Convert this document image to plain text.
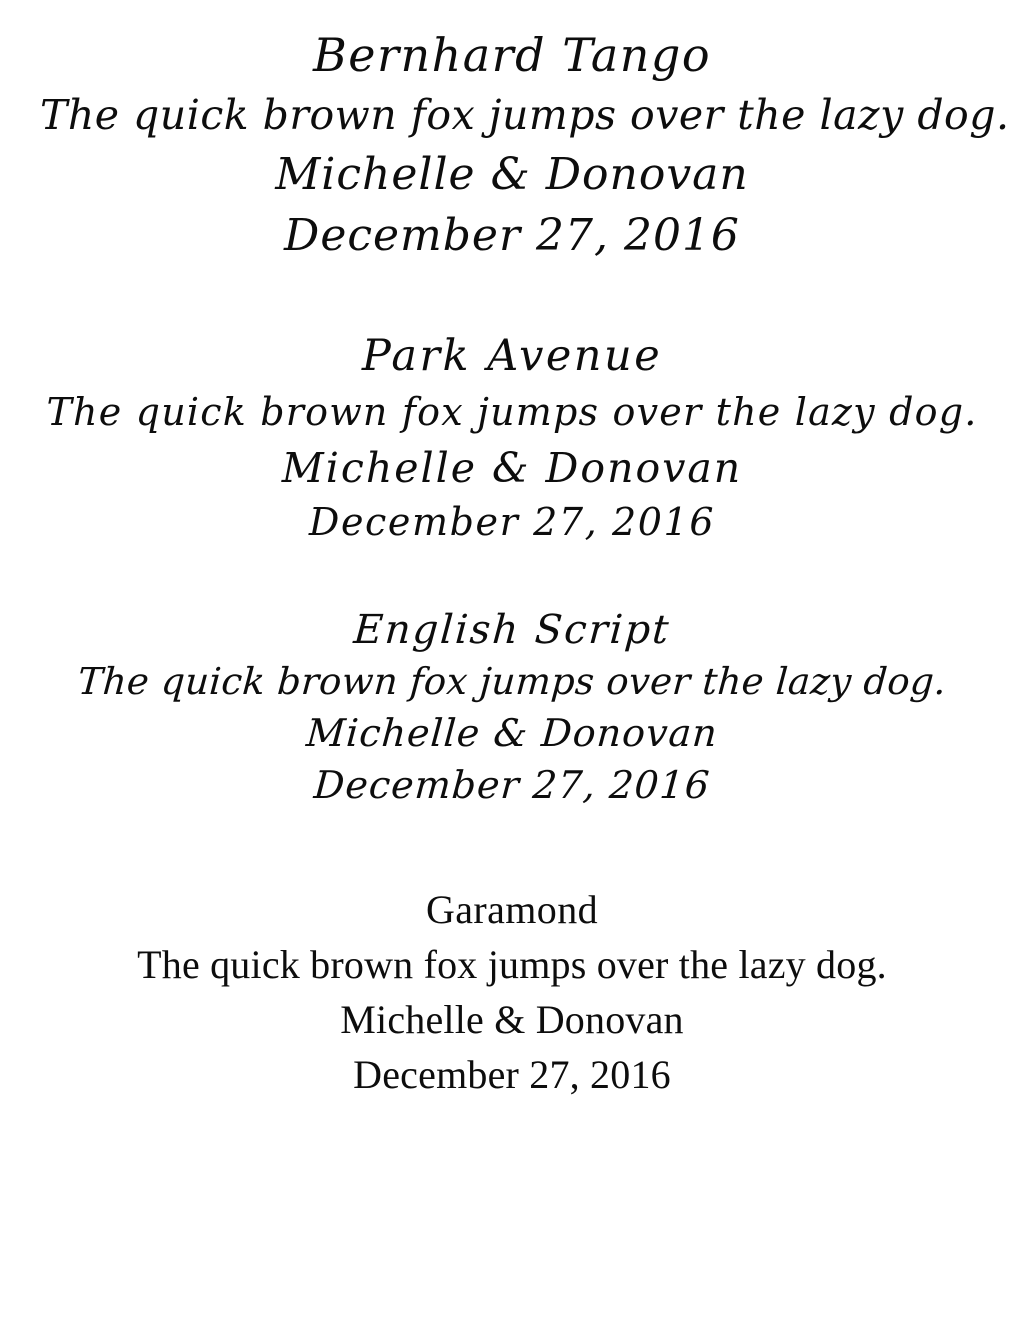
Bernhard Tango
The quick brown fox jumps over the lazy dog.
Michelle & Donovan
December 27, 2016
Park Avenue
The quick brown fox jumps over the lazy dog.
Michelle & Donovan
December 27, 2016
English Script
The quick brown fox jumps over the lazy dog.
Michelle & Donovan
December 27, 2016
Garamond
The quick brown fox jumps over the lazy dog.
Michelle & Donovan
December 27, 2016
